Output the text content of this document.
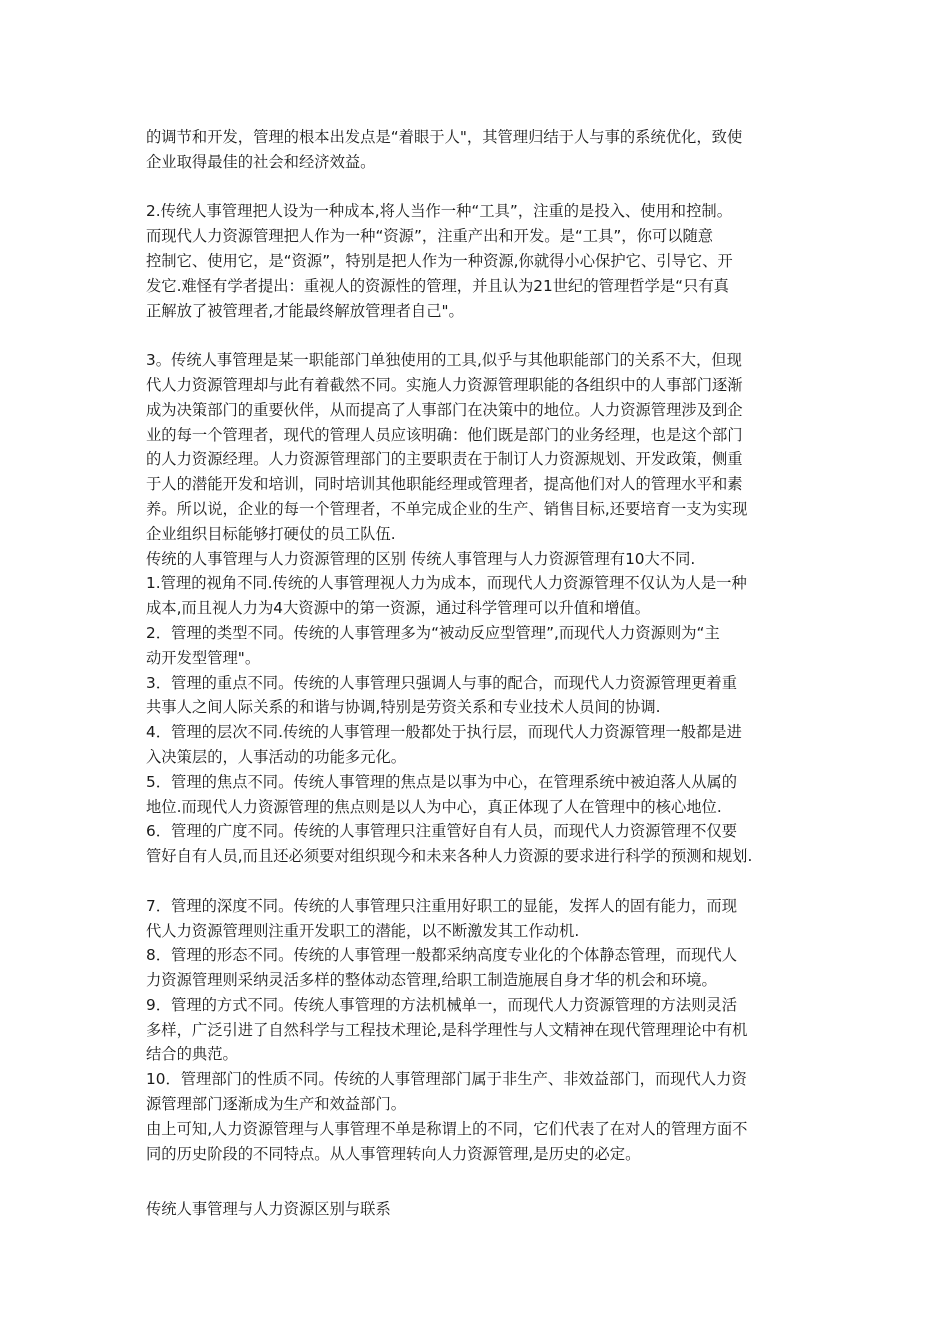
的调节和开发，管理的根本出发点是“着眼于人"，其管理归结于人与事的系统优化，致使

企业取得最佳的社会和经济效益。

2.传统人事管理把人设为一种成本,将人当作一种“工具”，注重的是投入、使用和控制。

而现代人力资源管理把人作为一种“资源”，注重产出和开发。是“工具”，你可以随意

控制它、使用它，是“资源”，特别是把人作为一种资源,你就得小心保护它、引导它、开

发它.难怪有学者提出：重视人的资源性的管理，并且认为21世纪的管理哲学是“只有真

正解放了被管理者,才能最终解放管理者自己"。

3。传统人事管理是某一职能部门单独使用的工具,似乎与其他职能部门的关系不大，但现

代人力资源管理却与此有着截然不同。实施人力资源管理职能的各组织中的人事部门逐渐

成为决策部门的重要伙伴，从而提高了人事部门在决策中的地位。人力资源管理涉及到企

业的每一个管理者，现代的管理人员应该明确：他们既是部门的业务经理，也是这个部门

的人力资源经理。人力资源管理部门的主要职责在于制订人力资源规划、开发政策，侧重

于人的潜能开发和培训，同时培训其他职能经理或管理者，提高他们对人的管理水平和素

养。所以说，企业的每一个管理者，不单完成企业的生产、销售目标,还要培育一支为实现

企业组织目标能够打硬仗的员工队伍.

传统的人事管理与人力资源管理的区别 传统人事管理与人力资源管理有10大不同.

1.管理的视角不同.传统的人事管理视人力为成本，而现代人力资源管理不仅认为人是一种

成本,而且视人力为4大资源中的第一资源，通过科学管理可以升值和增值。

2．管理的类型不同。传统的人事管理多为“被动反应型管理”,而现代人力资源则为“主

动开发型管理"。

3．管理的重点不同。传统的人事管理只强调人与事的配合，而现代人力资源管理更着重

共事人之间人际关系的和谐与协调,特别是劳资关系和专业技术人员间的协调.

4．管理的层次不同.传统的人事管理一般都处于执行层，而现代人力资源管理一般都是进

入决策层的，人事活动的功能多元化。

5．管理的焦点不同。传统人事管理的焦点是以事为中心，在管理系统中被迫落人从属的

地位.而现代人力资源管理的焦点则是以人为中心，真正体现了人在管理中的核心地位.

6．管理的广度不同。传统的人事管理只注重管好自有人员，而现代人力资源管理不仅要

管好自有人员,而且还必须要对组织现今和未来各种人力资源的要求进行科学的预测和规划.

7．管理的深度不同。传统的人事管理只注重用好职工的显能，发挥人的固有能力，而现

代人力资源管理则注重开发职工的潜能，以不断激发其工作动机.

8．管理的形态不同。传统的人事管理一般都采纳高度专业化的个体静态管理，而现代人

力资源管理则采纳灵活多样的整体动态管理,给职工制造施展自身才华的机会和环境。

9．管理的方式不同。传统人事管理的方法机械单一，而现代人力资源管理的方法则灵活

多样，广泛引进了自然科学与工程技术理论,是科学理性与人文精神在现代管理理论中有机

结合的典范。

10．管理部门的性质不同。传统的人事管理部门属于非生产、非效益部门，而现代人力资

源管理部门逐渐成为生产和效益部门。

由上可知,人力资源管理与人事管理不单是称谓上的不同，它们代表了在对人的管理方面不

同的历史阶段的不同特点。从人事管理转向人力资源管理,是历史的必定。

传统人事管理与人力资源区别与联系
